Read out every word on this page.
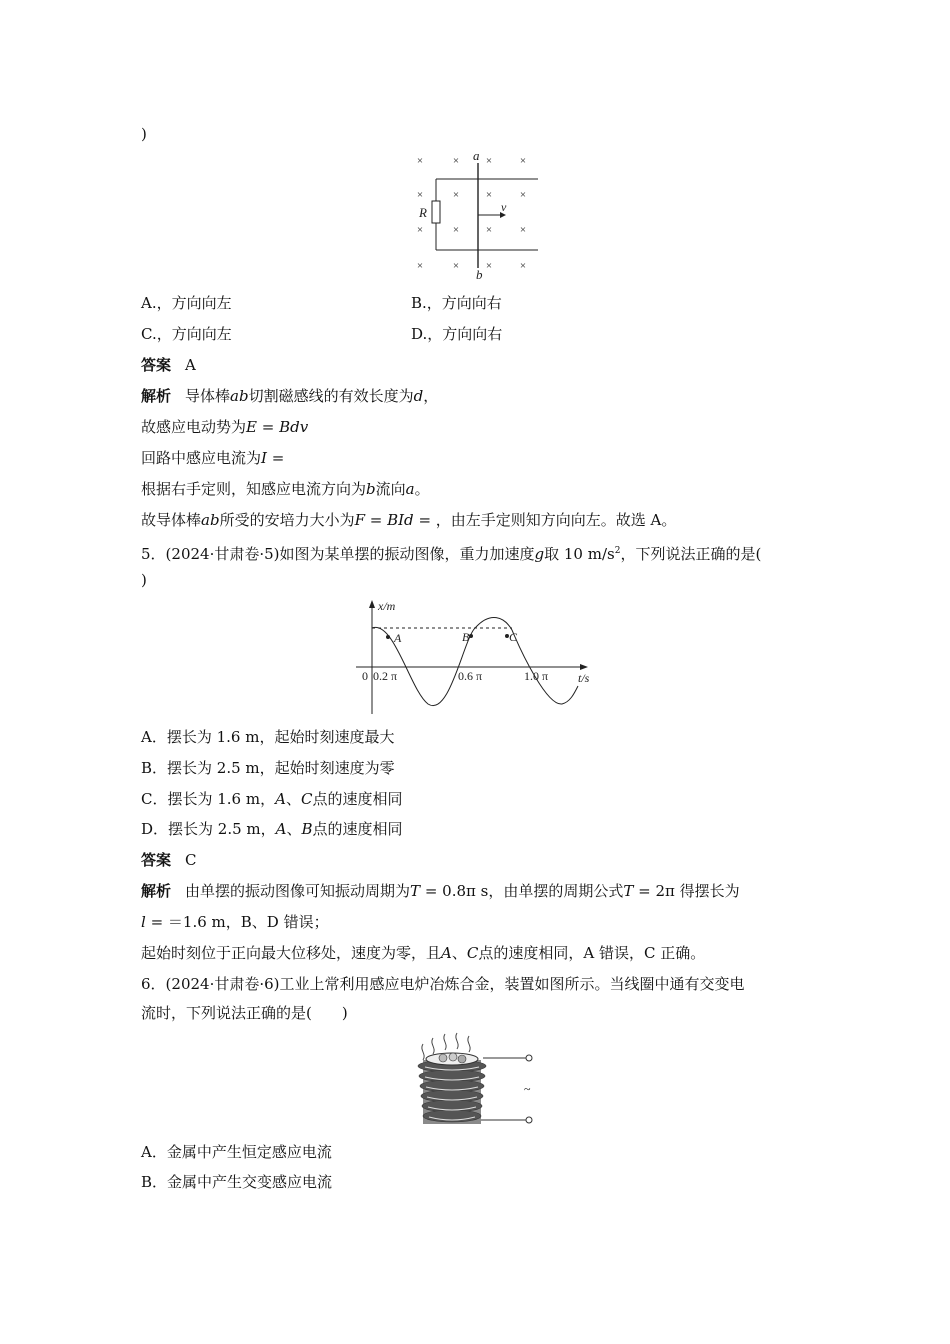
)
×	× ×	×
×	× ×	×
×
×	×	×
×	× ×	×
a
b
R	v
A.，方向向左	B.，方向向右
C.，方向向左	D.，方向向右
答案 A
解析 导体棒ab切割磁感线的有效长度为d，
故感应电动势为E = Bdv
回路中感应电流为I =
根据右手定则，知感应电流方向为b流向a。
故导体棒ab所受的安培力大小为F = BId = ，由左手定则知方向向左。故选 A。
5．(2024·甘肃卷·5)如图为某单摆的振动图像，重力加速度g取 10 $m/s^2$，下列说法正确的是(
)
x/m
t/s
0 0.2 π	0.6 π	1.0 π
A	B	C
A．摆长为 1.6 m，起始时刻速度最大
B．摆长为 2.5 m，起始时刻速度为零
C．摆长为 1.6 m，A、C点的速度相同
D．摆长为 2.5 m，A、B点的速度相同
答案 C
解析 由单摆的振动图像可知振动周期为T = 0.8π s，由单摆的周期公式T = 2π 得摆长为
l = ＝1.6 m，B、D 错误；
起始时刻位于正向最大位移处，速度为零，且A、C点的速度相同，A 错误，C 正确。
6．(2024·甘肃卷·6)工业上常利用感应电炉冶炼合金，装置如图所示。当线圈中通有交变电
流时，下列说法正确的是(　　)
~
A．金属中产生恒定感应电流
B．金属中产生交变感应电流
